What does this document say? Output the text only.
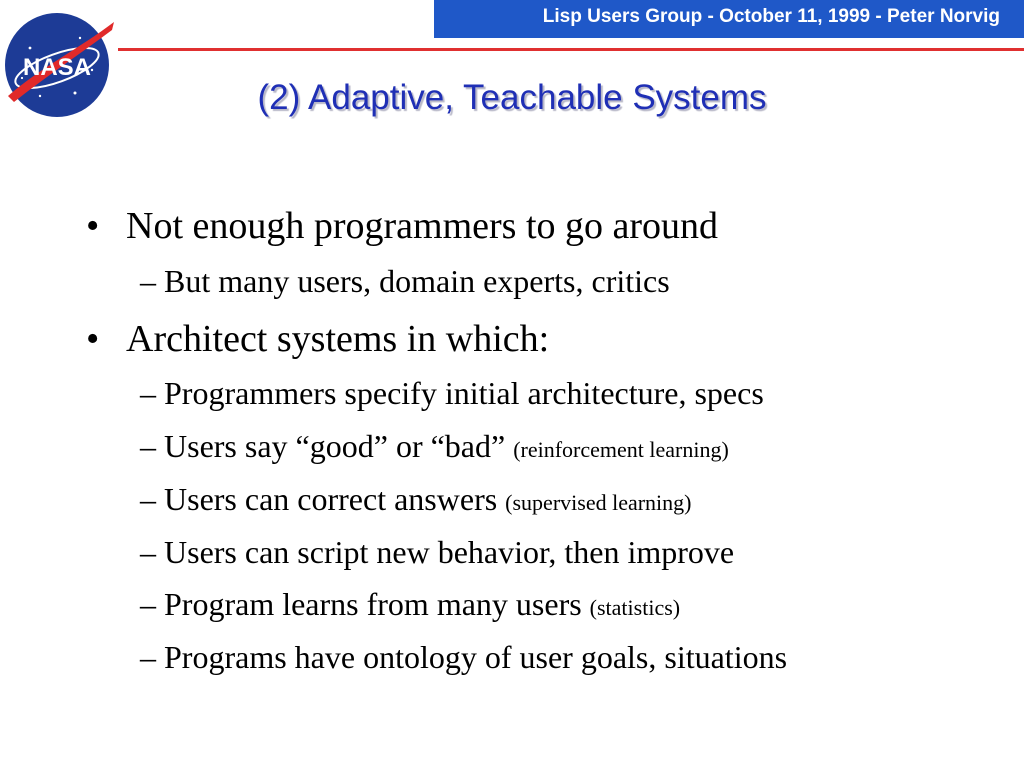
Lisp Users Group - October 11, 1999 - Peter Norvig
NASA
(2) Adaptive, Teachable Systems
• Not enough programmers to go around
– But many users, domain experts, critics
• Architect systems in which:
– Programmers specify initial architecture, specs
– Users say “good” or “bad” (reinforcement learning)
– Users can correct answers (supervised learning)
– Users can script new behavior, then improve
– Program learns from many users (statistics)
– Programs have ontology of user goals, situations
